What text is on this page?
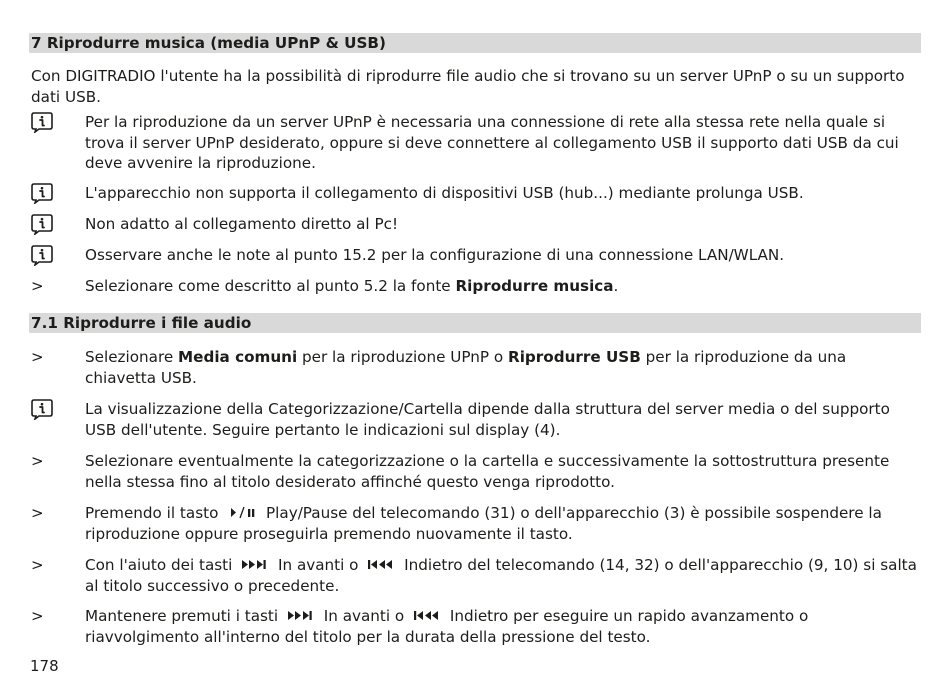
7 Riprodurre musica (media UPnP & USB)
Con DIGITRADIO l'utente ha la possibilità di riprodurre file audio che si trovano su un server UPnP o su un supporto dati USB.
Per la riproduzione da un server UPnP è necessaria una connessione di rete alla stessa rete nella quale si trova il server UPnP desiderato, oppure si deve connettere al collegamento USB il supporto dati USB da cui deve avvenire la riproduzione.
L'apparecchio non supporta il collegamento di dispositivi USB (hub...) mediante prolunga USB.
Non adatto al collegamento diretto al Pc!
Osservare anche le note al punto 15.2 per la configurazione di una connessione LAN/WLAN.
>	Selezionare come descritto al punto 5.2 la fonte Riprodurre musica.
7.1 Riprodurre i file audio
>	Selezionare Media comuni per la riproduzione UPnP o Riprodurre USB per la riproduzione da una chiavetta USB.
La visualizzazione della Categorizzazione/Cartella dipende dalla struttura del server media o del supporto USB dell'utente. Seguire pertanto le indicazioni sul display (4).
>	Selezionare eventualmente la categorizzazione o la cartella e successivamente la sottostruttura presente nella stessa fino al titolo desiderato affinché questo venga riprodotto.
>	Premendo il tasto	Play/Pause del telecomando (31) o dell'apparecchio (3) è possibile sospendere la riproduzione oppure proseguirla premendo nuovamente il tasto.
>	Con l'aiuto dei tasti  In avanti o  Indietro del telecomando (14, 32) o dell'apparecchio (9, 10) si salta al titolo successivo o precedente.
>	Mantenere premuti i tasti  In avanti o  Indietro per eseguire un rapido avanzamento o riavvolgimento all'interno del titolo per la durata della pressione del testo.
178
